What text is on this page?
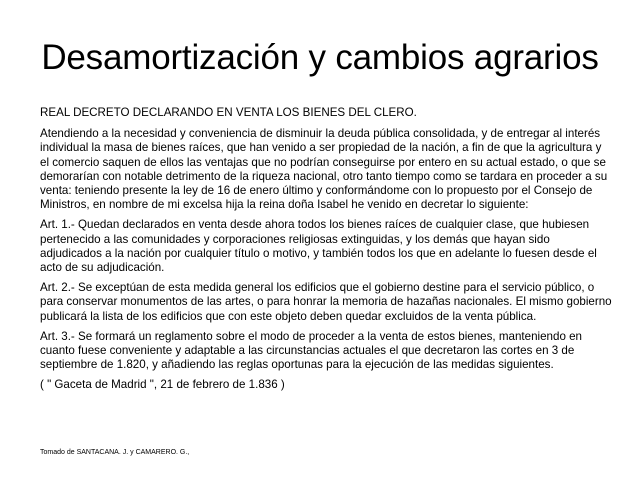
Desamortización y cambios agrarios

REAL DECRETO DECLARANDO EN VENTA LOS BIENES DEL CLERO.

Atendiendo a la necesidad y conveniencia de disminuir la deuda pública consolidada, y de entregar al interés individual la masa de bienes raíces, que han venido a ser propiedad de la nación, a fin de que la agricultura y el comercio saquen de ellos las ventajas que no podrían conseguirse por entero en su actual estado, o que se demorarían con notable detrimento de la riqueza nacional, otro tanto tiempo como se tardara en proceder a su venta: teniendo presente la ley de 16 de enero último y conformándome con lo propuesto por el Consejo de Ministros, en nombre de mi excelsa hija la reina doña Isabel he venido en decretar lo siguiente:

Art. 1.- Quedan declarados en venta desde ahora todos los bienes raíces de cualquier clase, que hubiesen pertenecido a las comunidades y corporaciones religiosas extinguidas, y los demás que hayan sido adjudicados a la nación por cualquier título o motivo, y también todos los que en adelante lo fuesen desde el acto de su adjudicación.

Art. 2.- Se exceptúan de esta medida general los edificios que el gobierno destine para el servicio público, o para conservar monumentos de las artes, o para honrar la memoria de hazañas nacionales. El mismo gobierno publicará la lista de los edificios que con este objeto deben quedar excluidos de la venta pública.

Art. 3.- Se formará un reglamento sobre el modo de proceder a la venta de estos bienes, manteniendo en cuanto fuese conveniente y adaptable a las circunstancias actuales el que decretaron las cortes en 3 de septiembre de 1.820, y añadiendo las reglas oportunas para la ejecución de las medidas siguientes.

( " Gaceta de Madrid ", 21 de febrero de 1.836 )

Tomado de SANTACANA. J. y CAMARERO. G.,
